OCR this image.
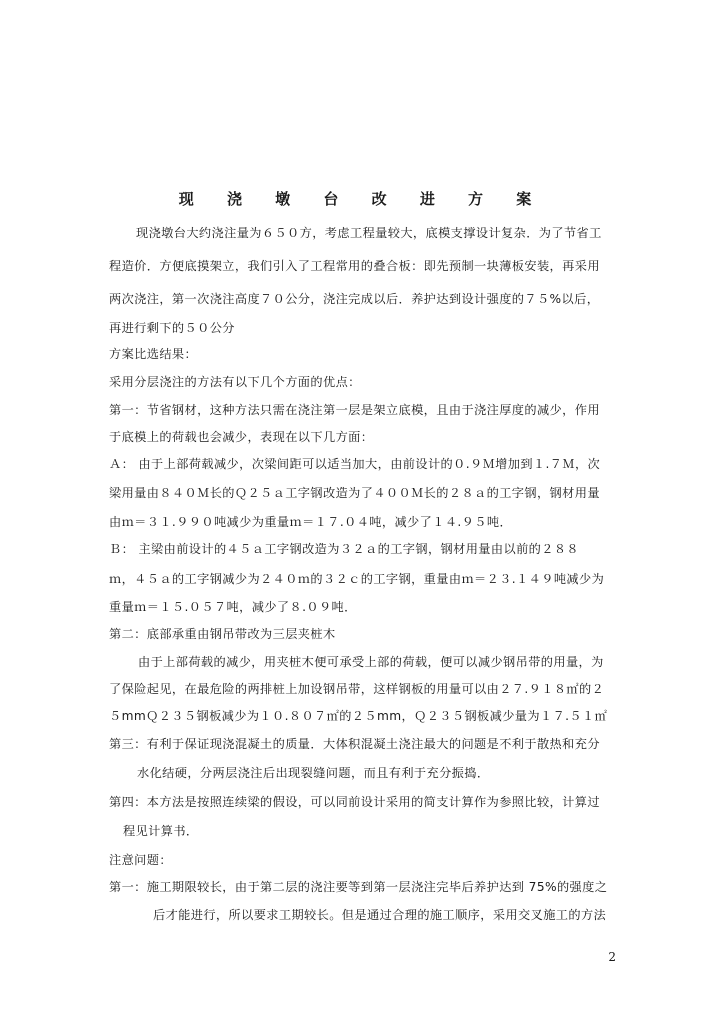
现 浇 墩 台 改 进 方 案
现浇墩台大约浇注量为６５０方，考虑工程量较大，底模支撑设计复杂．为了节省工
程造价．方便底摸架立，我们引入了工程常用的叠合板：即先预制一块薄板安装，再采用
两次浇注，第一次浇注高度７０公分，浇注完成以后．养护达到设计强度的７５%以后，
再进行剩下的５０公分
方案比选结果：
采用分层浇注的方法有以下几个方面的优点：
第一：节省钢材，这种方法只需在浇注第一层是架立底模，且由于浇注厚度的减少，作用
于底模上的荷载也会减少，表现在以下几方面：
Ａ： 由于上部荷载减少，次梁间距可以适当加大，由前设计的０.９Ｍ增加到１.７Ｍ，次
梁用量由８４０Ｍ长的Ｑ２５ａ工字钢改造为了４００Ｍ长的２８ａ的工字钢，钢材用量
由ｍ＝３１.９９０吨减少为重量ｍ＝１７.０４吨，减少了１４.９５吨．
Ｂ： 主梁由前设计的４５ａ工字钢改造为３２ａ的工字钢，钢材用量由以前的２８８
ｍ，４５ａ的工字钢减少为２４０ｍ的３２ｃ的工字钢，重量由ｍ＝２３.１４９吨减少为
重量ｍ＝１５.０５７吨，减少了８.０９吨．
第二：底部承重由钢吊带改为三层夹桩木
由于上部荷载的减少，用夹桩木便可承受上部的荷载，便可以减少钢吊带的用量，为
了保险起见，在最危险的两排桩上加设钢吊带，这样钢板的用量可以由２７.９１８㎡的２
５mmＱ２３５钢板减少为１０.８０７㎡的２５mm，Ｑ２３５钢板减少量为１７.５１㎡
第三：有利于保证现浇混凝土的质量．大体积混凝土浇注最大的问题是不利于散热和充分
水化结硬，分两层浇注后出现裂缝问题，而且有利于充分振捣．
第四：本方法是按照连续梁的假设，可以同前设计采用的简支计算作为参照比较，计算过
程见计算书．
注意问题：
第一：施工期限较长，由于第二层的浇注要等到第一层浇注完毕后养护达到 75%的强度之
后才能进行，所以要求工期较长。但是通过合理的施工顺序，采用交叉施工的方法
2
